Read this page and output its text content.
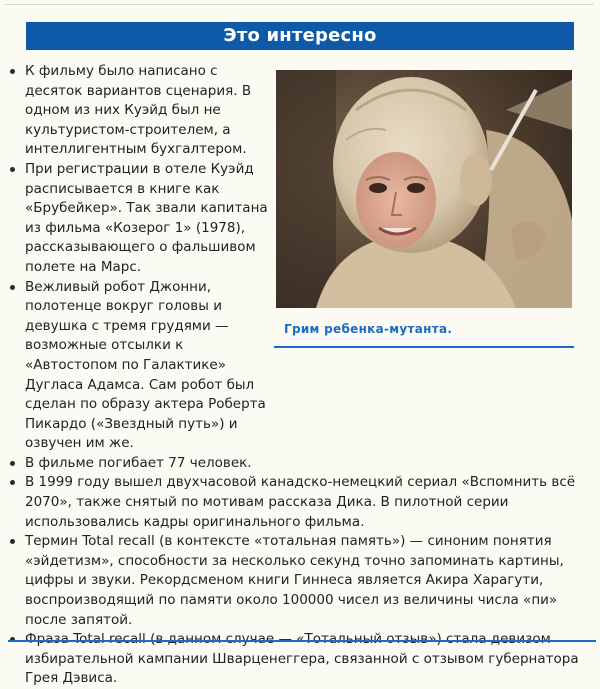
Это интересно
Грим ребенка-мутанта.
К фильму было написано с десяток вариантов сценария. В одном из них Куэйд был не культуристом-строителем, а интеллигентным бухгалтером.
При регистрации в отеле Куэйд расписывается в книге как «Брубейкер». Так звали капитана из фильма «Козерог 1» (1978), рассказывающего о фальшивом полете на Марс.
Вежливый робот Джонни, полотенце вокруг головы и девушка с тремя грудями — возможные отсылки к «Автостопом по Галактике» Дугласа Адамса. Сам робот был сделан по образу актера Роберта Пикардо («Звездный путь») и озвучен им же.
В фильме погибает 77 человек.
В 1999 году вышел двухчасовой канадско-немецкий сериал «Вспомнить всё 2070», также снятый по мотивам рассказа Дика. В пилотной серии использовались кадры оригинального фильма.
Термин Total recall (в контексте «тотальная память») — синоним понятия «эйдетизм», способности за несколько секунд точно запоминать картины, цифры и звуки. Рекордсменом книги Гиннеса является Акира Харагути, воспроизводящий по памяти около 100000 чисел из величины числа «пи» после запятой.
избирательной кампании Шварценеггера, связанной с отзывом губернатора Грея Дэвиса.
